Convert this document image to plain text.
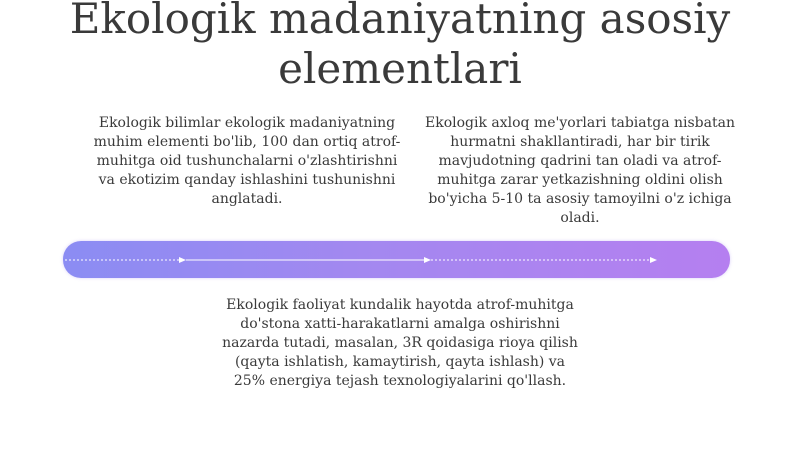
Ekologik madaniyatning asosiy elementlari
Ekologik bilimlar ekologik madaniyatning muhim elementi bo'lib, 100 dan ortiq atrof-muhitga oid tushunchalarni o'zlashtirishni va ekotizim qanday ishlashini tushunishni anglatadi.
Ekologik axloq me'yorlari tabiatga nisbatan hurmatni shakllantiradi, har bir tirik mavjudotning qadrini tan oladi va atrof-muhitga zarar yetkazishning oldini olish bo'yicha 5-10 ta asosiy tamoyilni o'z ichiga oladi.
Ekologik faoliyat kundalik hayotda atrof-muhitga do'stona xatti-harakatlarni amalga oshirishni nazarda tutadi, masalan, 3R qoidasiga rioya qilish (qayta ishlatish, kamaytirish, qayta ishlash) va 25% energiya tejash texnologiyalarini qo'llash.
